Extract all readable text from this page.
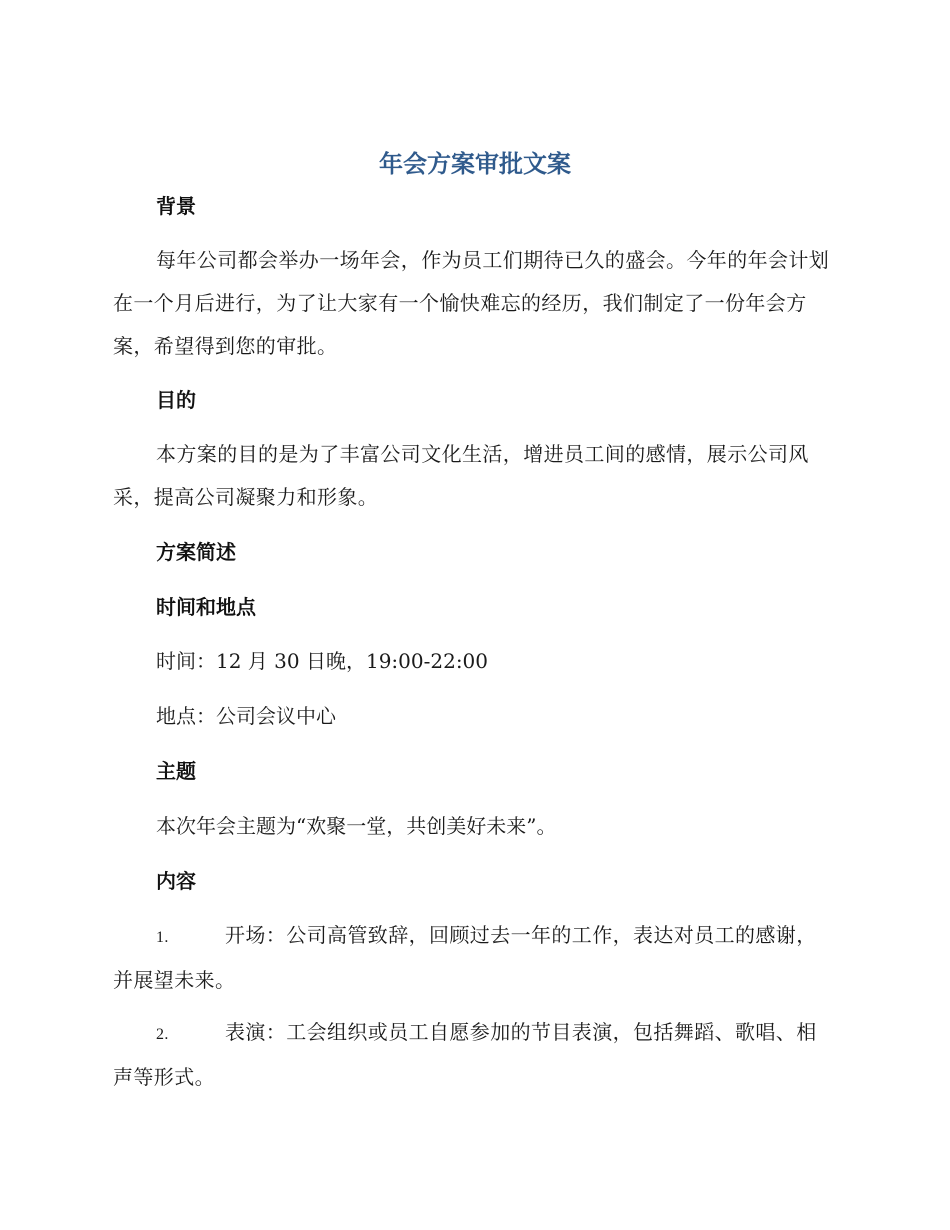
年会方案审批文案
背景
每年公司都会举办一场年会，作为员工们期待已久的盛会。今年的年会计划在一个月后进行，为了让大家有一个愉快难忘的经历，我们制定了一份年会方案，希望得到您的审批。
目的
本方案的目的是为了丰富公司文化生活，增进员工间的感情，展示公司风采，提高公司凝聚力和形象。
方案简述
时间和地点
时间：12 月 30 日晚，19:00-22:00
地点：公司会议中心
主题
本次年会主题为“欢聚一堂，共创美好未来”。
内容
1.	开场：公司高管致辞，回顾过去一年的工作，表达对员工的感谢，并展望未来。
2.	表演：工会组织或员工自愿参加的节目表演，包括舞蹈、歌唱、相声等形式。
